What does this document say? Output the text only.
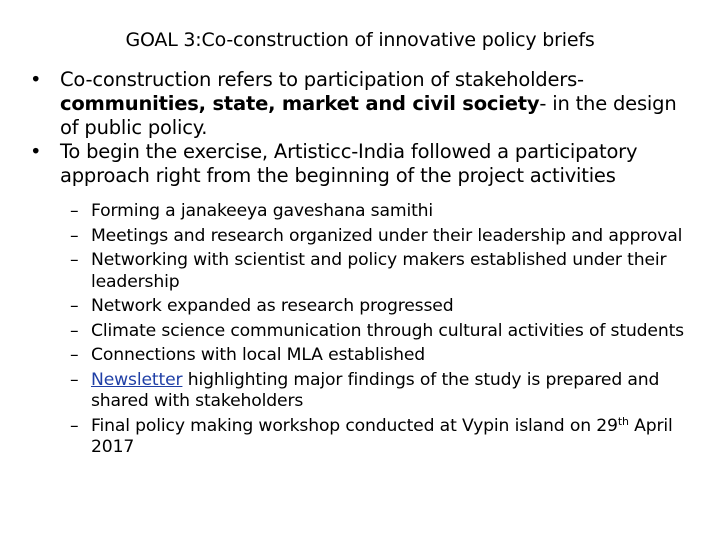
GOAL 3:Co-construction of innovative policy briefs
• Co-construction refers to participation of stakeholders- communities, state, market and civil society- in the design of public policy.
• To begin the exercise, Artisticc-India followed a participatory approach right from the beginning of the project activities
– Forming a janakeeya gaveshana samithi
– Meetings and research organized under their leadership and approval
– Networking with scientist and policy makers established under their leadership
– Network expanded as research progressed
– Climate science communication through cultural activities of students
– Connections with local MLA established
– Newsletter highlighting major findings of the study is prepared and shared with stakeholders
– Final policy making workshop conducted at Vypin island on 29th April 2017
